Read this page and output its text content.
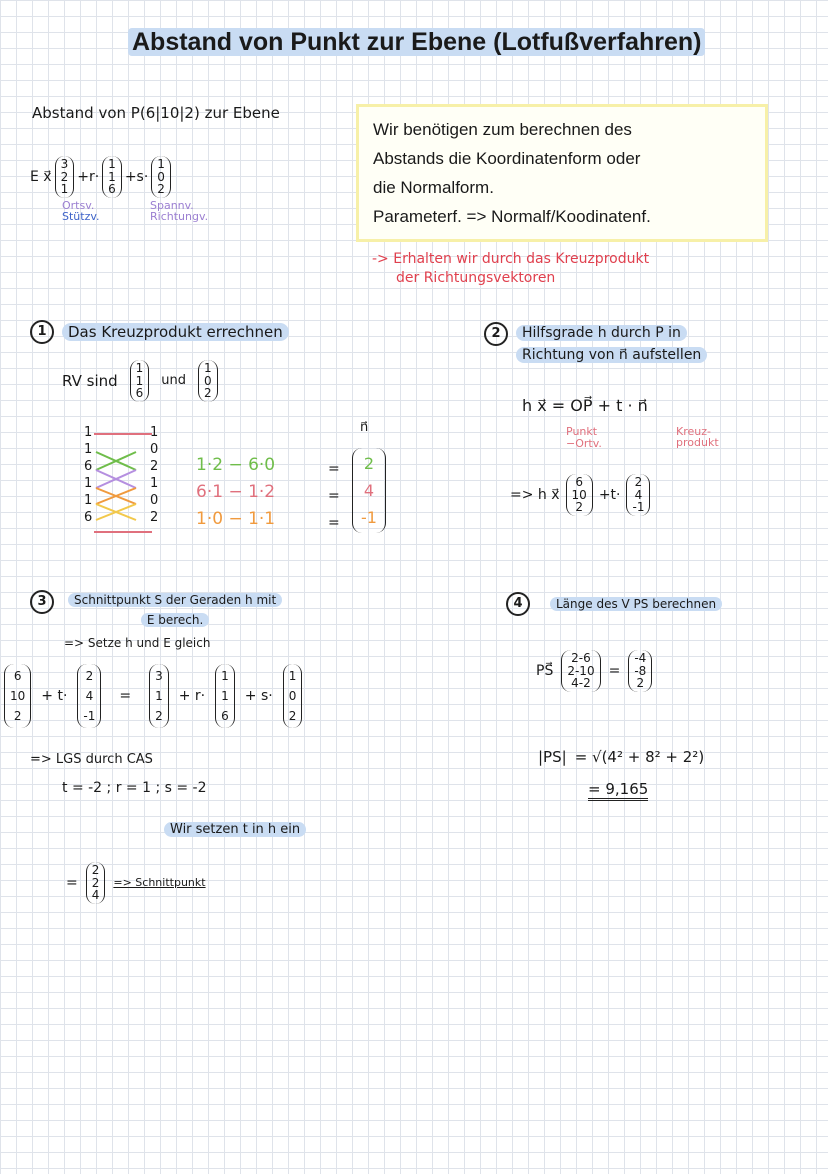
Abstand von Punkt zur Ebene (Lotfußverfahren)
Abstand von P(6|10|2) zur Ebene
E x⃗
3
2
1
+r·
1
1
6
+s·
1
0
2
Ortsv.
Stützv.
Spannv.
Richtungv.
Wir benötigen zum berechnen des
Abstands die Koordinatenform oder
die Normalform.
Parameterf. => Normalf/Koodinatenf.
-> Erhalten wir durch das Kreuzprodukt
der Richtungsvektoren
1	Das Kreuzprodukt errechnen
RV sind
1
1
6
und
1
0
2
1
1
6
1
1
6
1
0
2
1
0
2
1·2 − 6·0
6·1 − 1·2
1·0 − 1·1
=
=
=
n⃗
2
4
-1
2	Hilfsgrade h durch P in
Richtung von n⃗ aufstellen
h x⃗ = OP⃗ + t · n⃗
Punkt
−Ortv.
Kreuz-produkt
=> h x⃗
6
10
2
+t·
2
4
-1
3	Schnittpunkt S der Geraden h mit
E berech.
=> Setze h und E gleich
6
10
2
+ t·
2
4
-1
=
3
1
2
+ r·
1
1
6
+ s·
1
0
2
=> LGS durch CAS
t = -2 ; r = 1 ; s = -2
Wir setzen t in h ein
=
2
2
4
=> Schnittpunkt
4	Länge des V PS berechnen
PS⃗
2-6
2-10
4-2
=
-4
-8
2
|PS| = √(4² + 8² + 2²)
= 9,165
